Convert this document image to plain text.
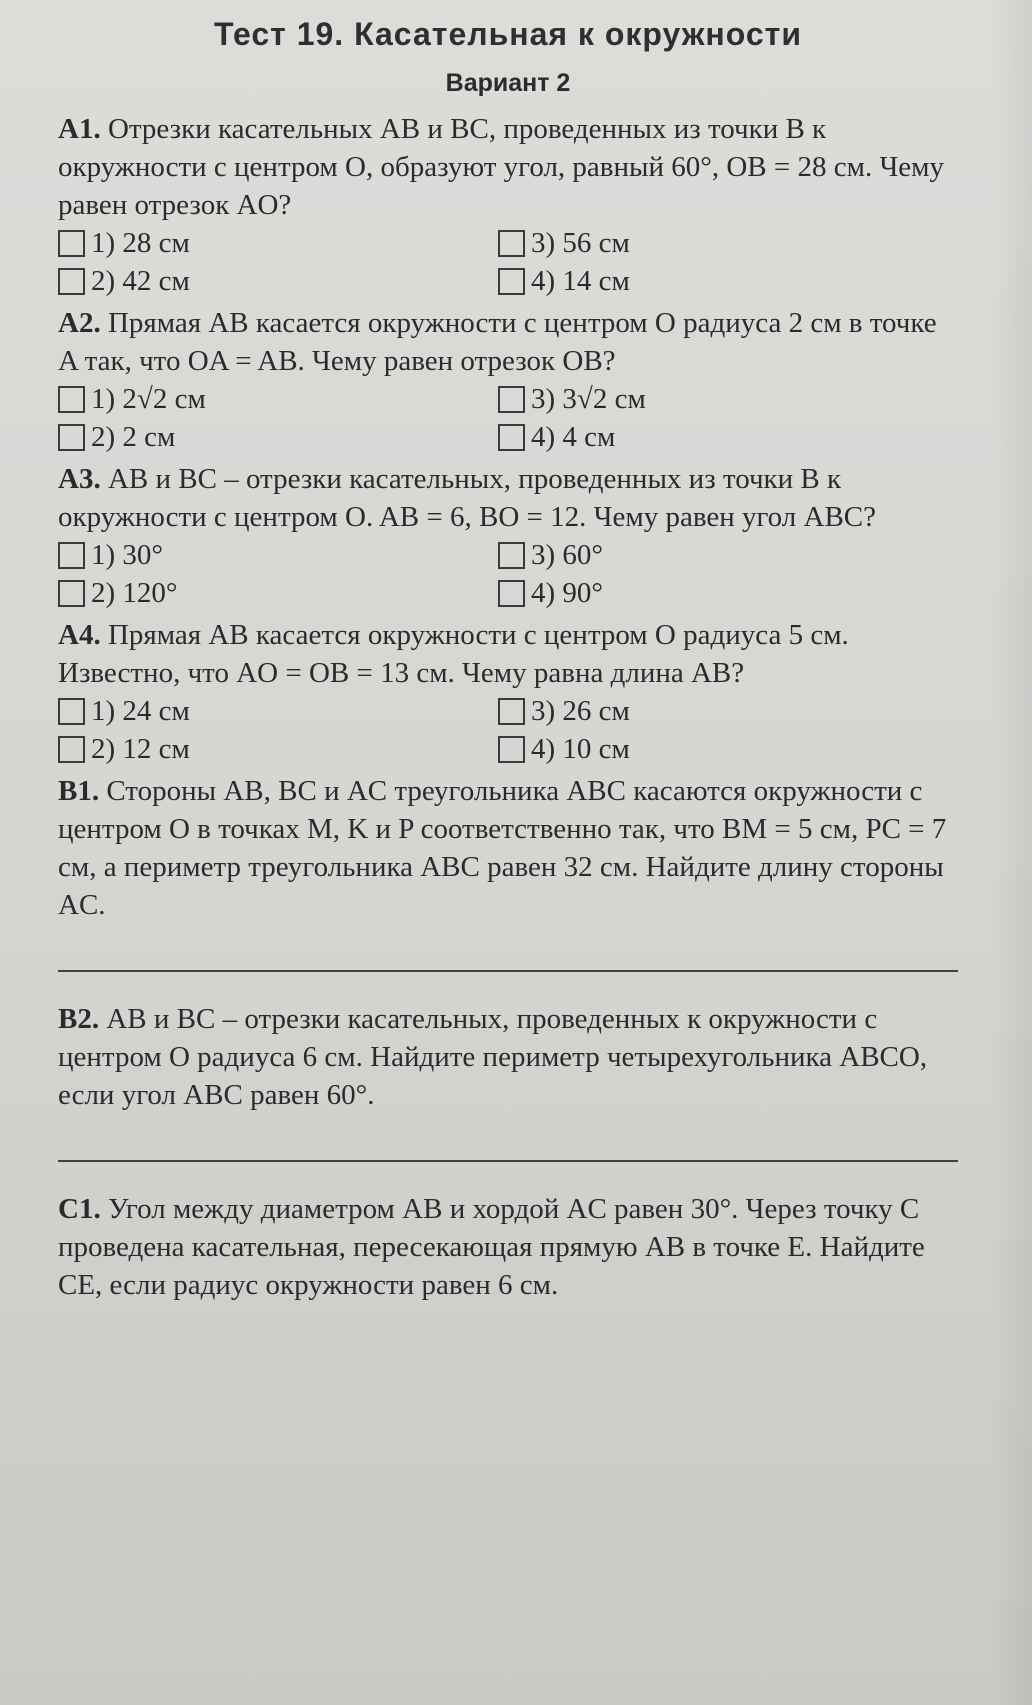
Тест 19. Касательная к окружности
Вариант 2
А1. Отрезки касательных AB и BC, проведенных из точки B к окружности с центром O, образуют угол, равный 60°, OB = 28 см. Чему равен отрезок AO?
1) 28 см	3) 56 см
2) 42 см	4) 14 см
А2. Прямая AB касается окружности с центром O радиуса 2 см в точке A так, что OA = AB. Чему равен отрезок OB?
1) 2√2 см	3) 3√2 см
2) 2 см	4) 4 см
А3. AB и BC – отрезки касательных, проведенных из точки B к окружности с центром O. AB = 6, BO = 12. Чему равен угол ABC?
1) 30°	3) 60°
2) 120°	4) 90°
А4. Прямая AB касается окружности с центром O радиуса 5 см. Известно, что AO = OB = 13 см. Чему равна длина AB?
1) 24 см	3) 26 см
2) 12 см	4) 10 см
В1. Стороны AB, BC и AC треугольника ABC касаются окружности с центром O в точках M, K и P соответственно так, что BM = 5 см, PC = 7 см, а периметр треугольника ABC равен 32 см. Найдите длину стороны AC.
В2. AB и BC – отрезки касательных, проведенных к окружности с центром O радиуса 6 см. Найдите периметр четырехугольника ABCO, если угол ABC равен 60°.
С1. Угол между диаметром AB и хордой AC равен 30°. Через точку C проведена касательная, пересекающая прямую AB в точке E. Найдите CE, если радиус окружности равен 6 см.
